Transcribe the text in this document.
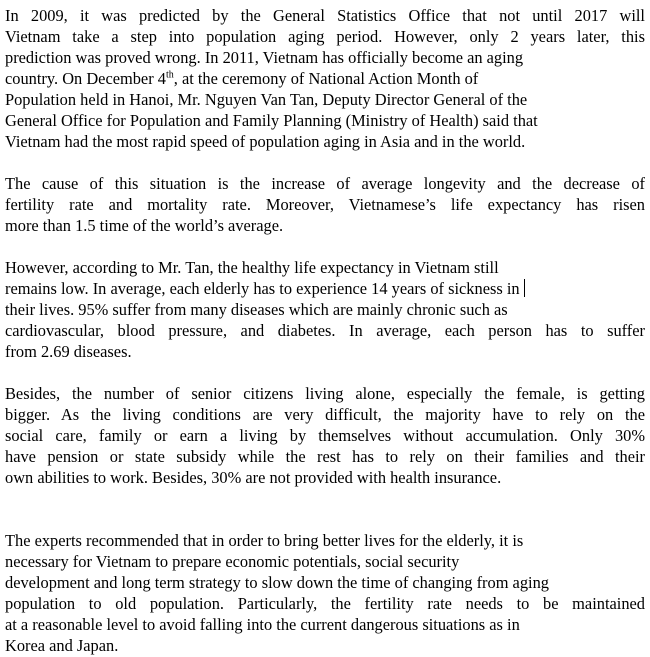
In 2009, it was predicted by the General Statistics Office that not until 2017 will
Vietnam take a step into population aging period. However, only 2 years later, this
prediction was proved wrong. In 2011, Vietnam has officially become an aging
country. On December 4th, at the ceremony of National Action Month of
Population held in Hanoi, Mr. Nguyen Van Tan, Deputy Director General of the
General Office for Population and Family Planning (Ministry of Health) said that
Vietnam had the most rapid speed of population aging in Asia and in the world.
The cause of this situation is the increase of average longevity and the decrease of
fertility rate and mortality rate. Moreover, Vietnamese’s life expectancy has risen
more than 1.5 time of the world’s average.
However, according to Mr. Tan, the healthy life expectancy in Vietnam still
remains low. In average, each elderly has to experience 14 years of sickness in
their lives. 95% suffer from many diseases which are mainly chronic such as
cardiovascular, blood pressure, and diabetes. In average, each person has to suffer
from 2.69 diseases.
Besides, the number of senior citizens living alone, especially the female, is getting
bigger. As the living conditions are very difficult, the majority have to rely on the
social care, family or earn a living by themselves without accumulation. Only 30%
have pension or state subsidy while the rest has to rely on their families and their
own abilities to work. Besides, 30% are not provided with health insurance.
The experts recommended that in order to bring better lives for the elderly, it is
necessary for Vietnam to prepare economic potentials, social security
development and long term strategy to slow down the time of changing from aging
population to old population. Particularly, the fertility rate needs to be maintained
at a reasonable level to avoid falling into the current dangerous situations as in
Korea and Japan.
